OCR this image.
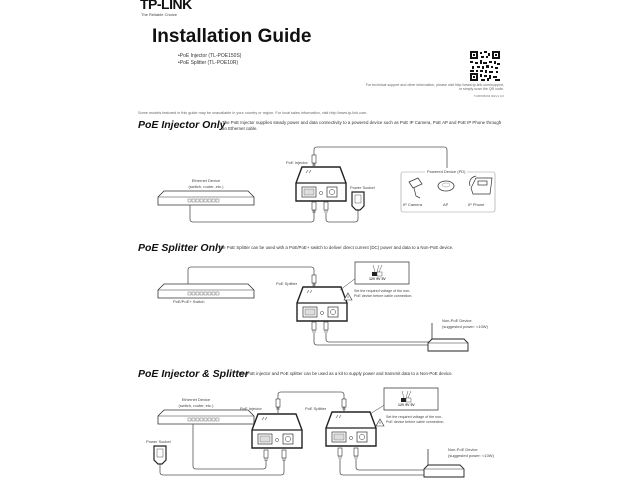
TP-LINK
The Reliable Choice
Installation Guide
•PoE Injector (TL-POE150S)
•PoE Splitter (TL-POE10R)
For technical support and other information, please visit http://www.tp-link.com/support, or simply scan the QR code.
7106505294 REV1.0.0
Some models featured in this guide may be unavailable in your country or region. For local sales information, visit http://www.tp-link.com.
PoE Injector Only
The PoE Injector supplies steady power and data connectivity to a powered device such as PoE IP Camera, PoE AP and PoE IP Phone through an Ethernet cable.
PoE Splitter Only
The PoE Splitter can be used with a PoE/PoE+ switch to deliver direct current (DC) power and data to a Non-PoE device.
PoE Injector & Splitter
The PoE injector and PoE splitter can be used as a kit to supply power and transmit data to a Non-PoE device.
Ethernet Device
(switch, router, etc.)
PoE Injector
Power Socket
Powered Device (PD)
IP Camera	AP	IP Phone
PoE/PoE+ Switch
PoE Splitter
12V 9V 5V
Set the required voltage of the non-PoE device before cable connection.
Non-PoE Device
(suggested power: <10W)
Ethernet Device
(switch, router, etc.)
Power Socket
PoE Injector	PoE Splitter
12V 9V 5V
Set the required voltage of the non-PoE device before cable connection.
Non-PoE Device
(suggested power: <10W)
